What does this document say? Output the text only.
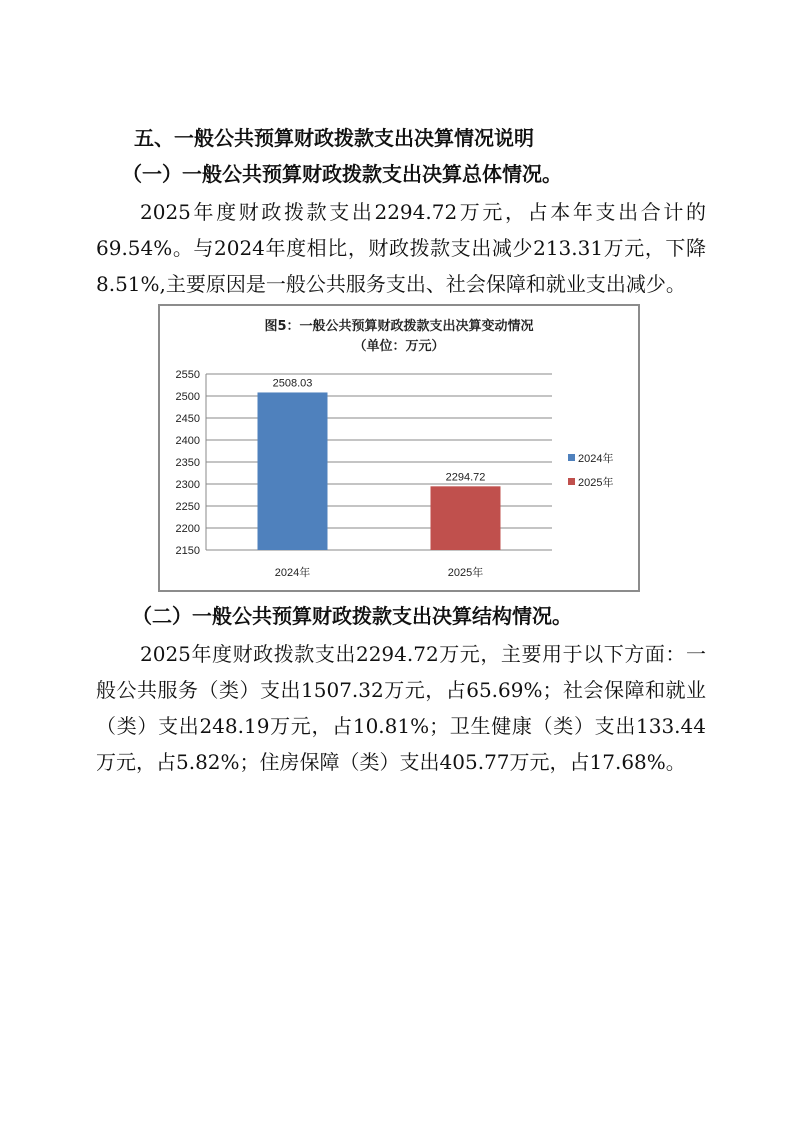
五、一般公共预算财政拨款支出决算情况说明
（一）一般公共预算财政拨款支出决算总体情况。
2025年度财政拨款支出2294.72万元，占本年支出合计的
69.54%。与2024年度相比，财政拨款支出减少213.31万元，下降
8.51%,主要原因是一般公共服务支出、社会保障和就业支出减少。
图5：一般公共预算财政拨款支出决算变动情况
（单位：万元）
2150
2200
2250
2300
2350
2400
2450
2500
2550
2508.03
2024年
2294.72
2025年
2024年
2025年
（二）一般公共预算财政拨款支出决算结构情况。
2025年度财政拨款支出2294.72万元，主要用于以下方面：一
般公共服务（类）支出1507.32万元，占65.69%；社会保障和就业
（类）支出248.19万元，占10.81%；卫生健康（类）支出133.44
万元，占5.82%；住房保障（类）支出405.77万元，占17.68%。
